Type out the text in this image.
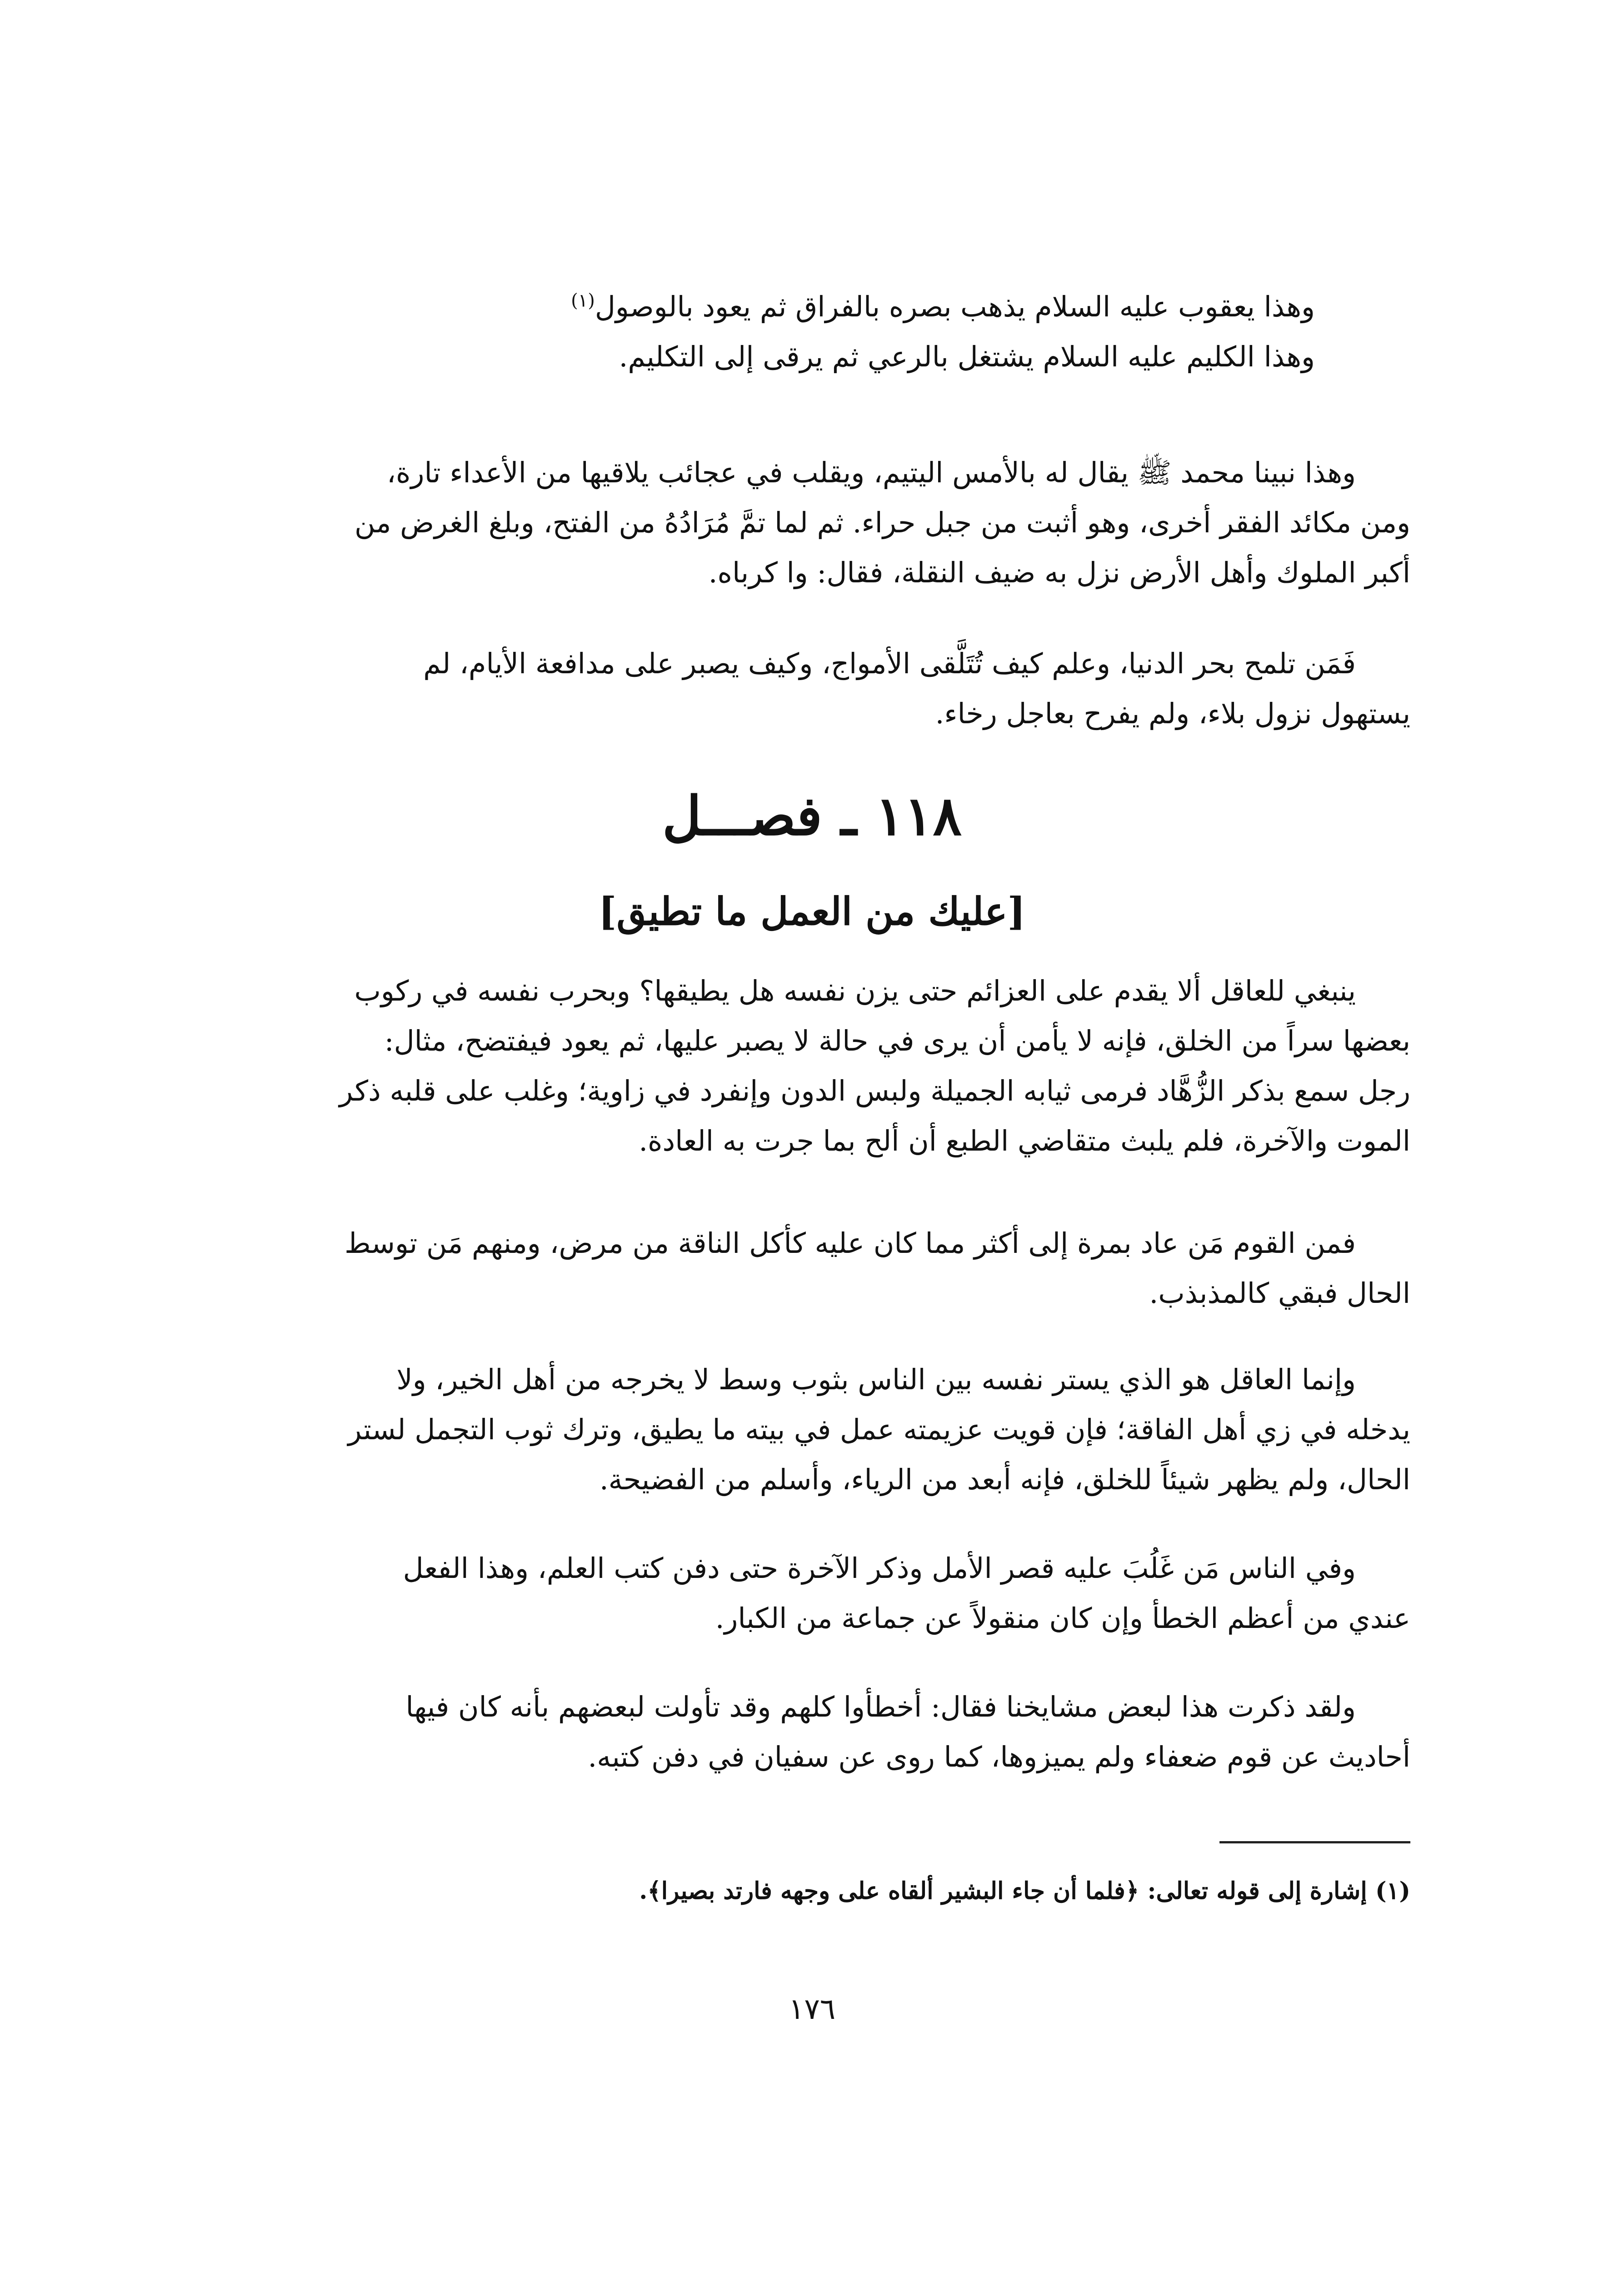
وهذا يعقوب عليه السلام يذهب بصره بالفراق ثم يعود بالوصول$^{(١)}$
وهذا الكليم عليه السلام يشتغل بالرعي ثم يرقى إلى التكليم.
وهذا نبينا محمد ﷺ يقال له بالأمس اليتيم، ويقلب في عجائب يلاقيها من الأعداء تارة،
ومن مكائد الفقر أخرى، وهو أثبت من جبل حراء. ثم لما تمَّ مُرَادُهُ من الفتح، وبلغ الغرض من
أكبر الملوك وأهل الأرض نزل به ضيف النقلة، فقال: وا كرباه.
فَمَن تلمح بحر الدنيا، وعلم كيف تُتَلَّقى الأمواج، وكيف يصبر على مدافعة الأيام، لم
يستهول نزول بلاء، ولم يفرح بعاجل رخاء.
١١٨ ـ فصـــل
[عليك من العمل ما تطيق]
ينبغي للعاقل ألا يقدم على العزائم حتى يزن نفسه هل يطيقها؟ وبحرب نفسه في ركوب
بعضها سراً من الخلق، فإنه لا يأمن أن يرى في حالة لا يصبر عليها، ثم يعود فيفتضح، مثال:
رجل سمع بذكر الزُّهَّاد فرمى ثيابه الجميلة ولبس الدون وإنفرد في زاوية؛ وغلب على قلبه ذكر
الموت والآخرة، فلم يلبث متقاضي الطبع أن ألح بما جرت به العادة.
فمن القوم مَن عاد بمرة إلى أكثر مما كان عليه كأكل الناقة من مرض، ومنهم مَن توسط
الحال فبقي كالمذبذب.
وإنما العاقل هو الذي يستر نفسه بين الناس بثوب وسط لا يخرجه من أهل الخير، ولا
يدخله في زي أهل الفاقة؛ فإن قويت عزيمته عمل في بيته ما يطيق، وترك ثوب التجمل لستر
الحال، ولم يظهر شيئاً للخلق، فإنه أبعد من الرياء، وأسلم من الفضيحة.
وفي الناس مَن غَلُبَ عليه قصر الأمل وذكر الآخرة حتى دفن كتب العلم، وهذا الفعل
عندي من أعظم الخطأ وإن كان منقولاً عن جماعة من الكبار.
ولقد ذكرت هذا لبعض مشايخنا فقال: أخطأوا كلهم وقد تأولت لبعضهم بأنه كان فيها
أحاديث عن قوم ضعفاء ولم يميزوها، كما روى عن سفيان في دفن كتبه.
(١) إشارة إلى قوله تعالى: ﴿فلما أن جاء البشير ألقاه على وجهه فارتد بصيرا﴾.
١٧٦
